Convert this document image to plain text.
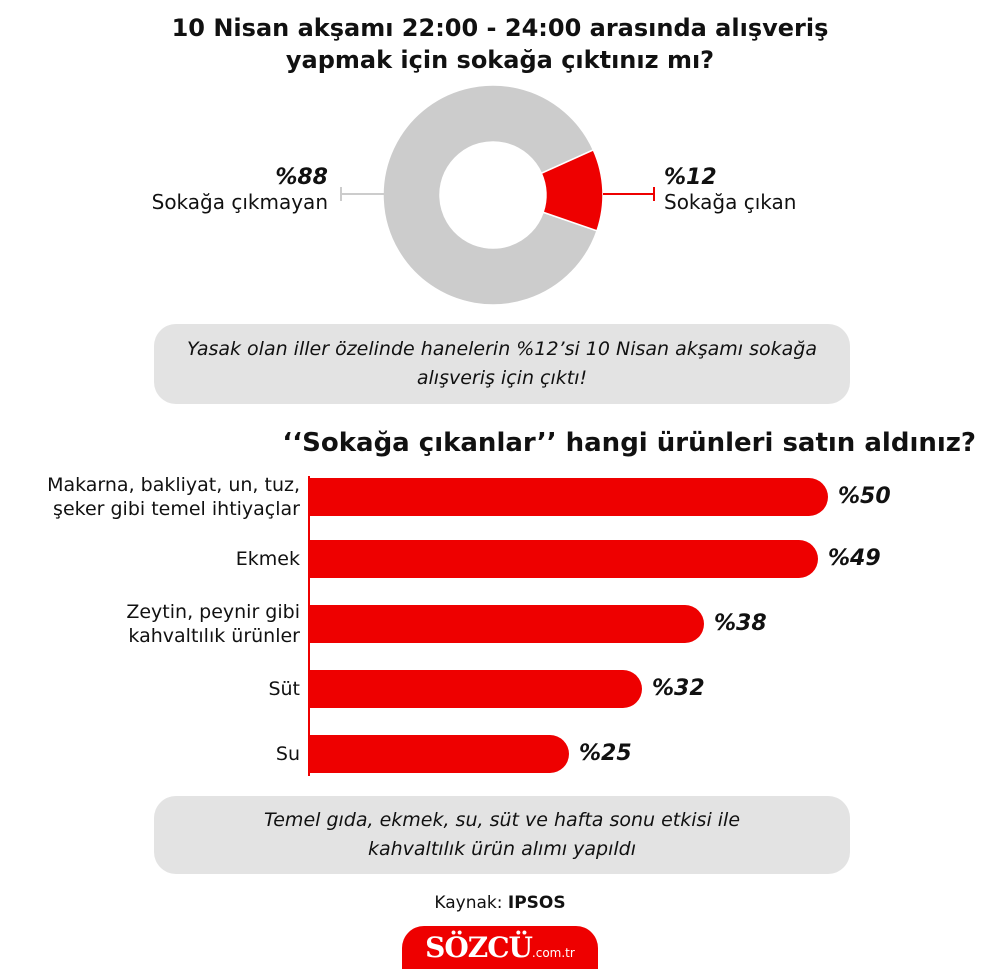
10 Nisan akşamı 22:00 - 24:00 arasında alışveriş
yapmak için sokağa çıktınız mı?
%88
Sokağa çıkmayan
%12
Sokağa çıkan
Yasak olan iller özelinde hanelerin %12’si 10 Nisan akşamı sokağa
alışveriş için çıktı!
‘‘Sokağa çıkanlar’’ hangi ürünleri satın aldınız?
%50
Makarna, bakliyat, un, tuz,
şeker gibi temel ihtiyaçlar
%49
Ekmek
%38
Zeytin, peynir gibi
kahvaltılık ürünler
%32
Süt
%25
Su
Temel gıda, ekmek, su, süt ve hafta sonu etkisi ile
kahvaltılık ürün alımı yapıldı
Kaynak: IPSOS
SÖZCÜ.com.tr
